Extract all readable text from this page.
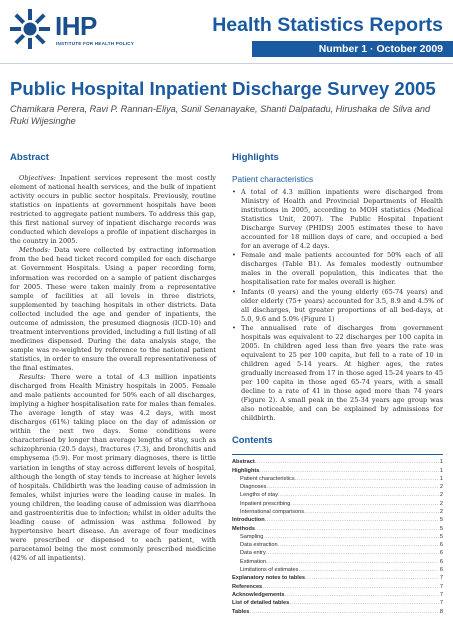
IHP
INSTITUTE FOR HEALTH POLICY
Health Statistics Reports
Number 1 · October 2009
Public Hospital Inpatient Discharge Survey 2005
Chamikara Perera, Ravi P. Rannan-Eliya, Sunil Senanayake, Shanti Dalpatadu, Hirushaka de Silva and Ruki Wijesinghe
Abstract

Objectives: Inpatient services represent the most costly element of national health services, and the bulk of inpatient activity occurs in public sector hospitals. Previously, routine statistics on inpatients at government hospitals have been restricted to aggregate patient numbers. To address this gap, this first national survey of inpatient discharge records was conducted which develops a profile of inpatient discharges in the country in 2005.

Methods: Data were collected by extracting information from the bed head ticket record compiled for each discharge at Government Hospitals. Using a paper recording form, information was recorded on a sample of patient discharges for 2005. These were taken mainly from a representative sample of facilities at all levels in three districts, supplemented by teaching hospitals in other districts. Data collected included the age and gender of inpatients, the outcome of admission, the presumed diagnosis (ICD-10) and treatment interventions provided, including a full listing of all medicines dispensed. During the data analysis stage, the sample was re-weighted by reference to the national patient statistics, in order to ensure the overall representativeness of the final estimates.

Results: There were a total of 4.3 million inpatients discharged from Health Ministry hospitals in 2005. Female and male patients accounted for 50% each of all discharges, implying a higher hospitalisation rate for males than females. The average length of stay was 4.2 days, with most discharges (61%) taking place on the day of admission or within the next two days. Some conditions were characterised by longer than average lengths of stay, such as schizophrenia (20.5 days), fractures (7.3), and bronchitis and emphysema (5.9). For most primary diagnoses, there is little variation in lengths of stay across different levels of hospital, although the length of stay tends to increase at higher levels of hospitals. Childbirth was the leading cause of admission in females, whilst injuries were the leading cause in males. In young children, the leading cause of admission was diarrhoea and gastroenteritis due to infection; whilst in older adults the leading cause of admission was asthma followed by hypertensive heart disease. An average of four medicines were prescribed or dispensed to each patient, with paracetamol being the most commonly prescribed medicine (42% of all inpatients).

Highlights
Patient characteristics
• A total of 4.3 million inpatients were discharged from Ministry of Health and Provincial Departments of Health institutions in 2005, according to MOH statistics (Medical Statistics Unit, 2007). The Public Hospital Inpatient Discharge Survey (PHIDS) 2005 estimates these to have accounted for 18 million days of care, and occupied a bed for an average of 4.2 days.
• Female and male patients accounted for 50% each of all discharges (Table B1). As females modestly outnumber males in the overall population, this indicates that the hospitalisation rate for males overall is higher.
• Infants (0 years) and the young elderly (65-74 years) and older elderly (75+ years) accounted for 3.5, 8.9 and 4.5% of all discharges, but greater proportions of all bed-days, at 5.0, 9.6 and 5.0% (Figure 1)
• The annualised rate of discharges from government hospitals was equivalent to 22 discharges per 100 capita in 2005. In children aged less than five years the rate was equivalent to 25 per 100 capita, but fell to a rate of 10 in children aged 5-14 years. At higher ages, the rates gradually increased from 17 in those aged 15-24 years to 45 per 100 capita in those aged 65-74 years, with a small decline to a rate of 41 in those aged more than 74 years (Figure 2). A small peak in the 25-34 years age group was also noticeable, and can be explained by admissions for childbirth.
Contents
Abstract .....	1
Highlights .....	1
Patient characteristics .....	1
Diagnoses .....	2
Lengths of stay .....	2
Inpatient prescribing .....	2
International comparisons .....	2
Introduction .....	5
Methods .....	5
Sampling .....	5
Data extraction .....	6
Data entry .....	6
Estimation .....	6
Limitations of estimates .....	6
Explanatory notes to tables .....	7
References .....	7
Acknowledgements .....	7
List of detailed tables .....	7
Tables .....	8
